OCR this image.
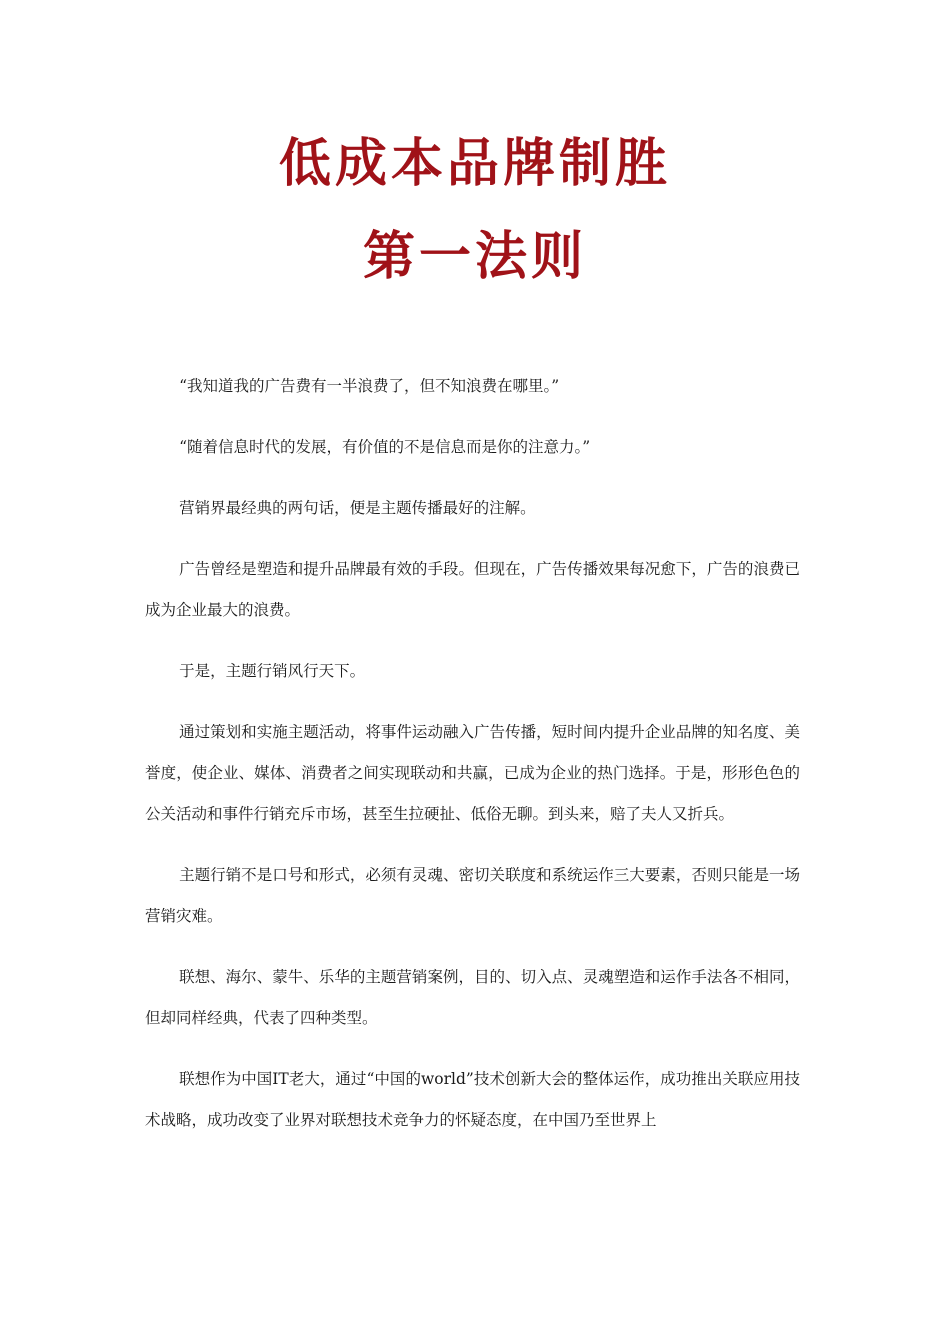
低成本品牌制胜
第一法则

“我知道我的广告费有一半浪费了，但不知浪费在哪里。”

“随着信息时代的发展，有价值的不是信息而是你的注意力。”

营销界最经典的两句话，便是主题传播最好的注解。

广告曾经是塑造和提升品牌最有效的手段。但现在，广告传播效果每况愈下，广告的浪费已成为企业最大的浪费。

于是，主题行销风行天下。

通过策划和实施主题活动，将事件运动融入广告传播，短时间内提升企业品牌的知名度、美誉度，使企业、媒体、消费者之间实现联动和共赢，已成为企业的热门选择。于是，形形色色的公关活动和事件行销充斥市场，甚至生拉硬扯、低俗无聊。到头来，赔了夫人又折兵。

主题行销不是口号和形式，必须有灵魂、密切关联度和系统运作三大要素，否则只能是一场营销灾难。

联想、海尔、蒙牛、乐华的主题营销案例，目的、切入点、灵魂塑造和运作手法各不相同，但却同样经典，代表了四种类型。

联想作为中国IT老大，通过“中国的world”技术创新大会的整体运作，成功推出关联应用技术战略，成功改变了业界对联想技术竞争力的怀疑态度，在中国乃至世界上
